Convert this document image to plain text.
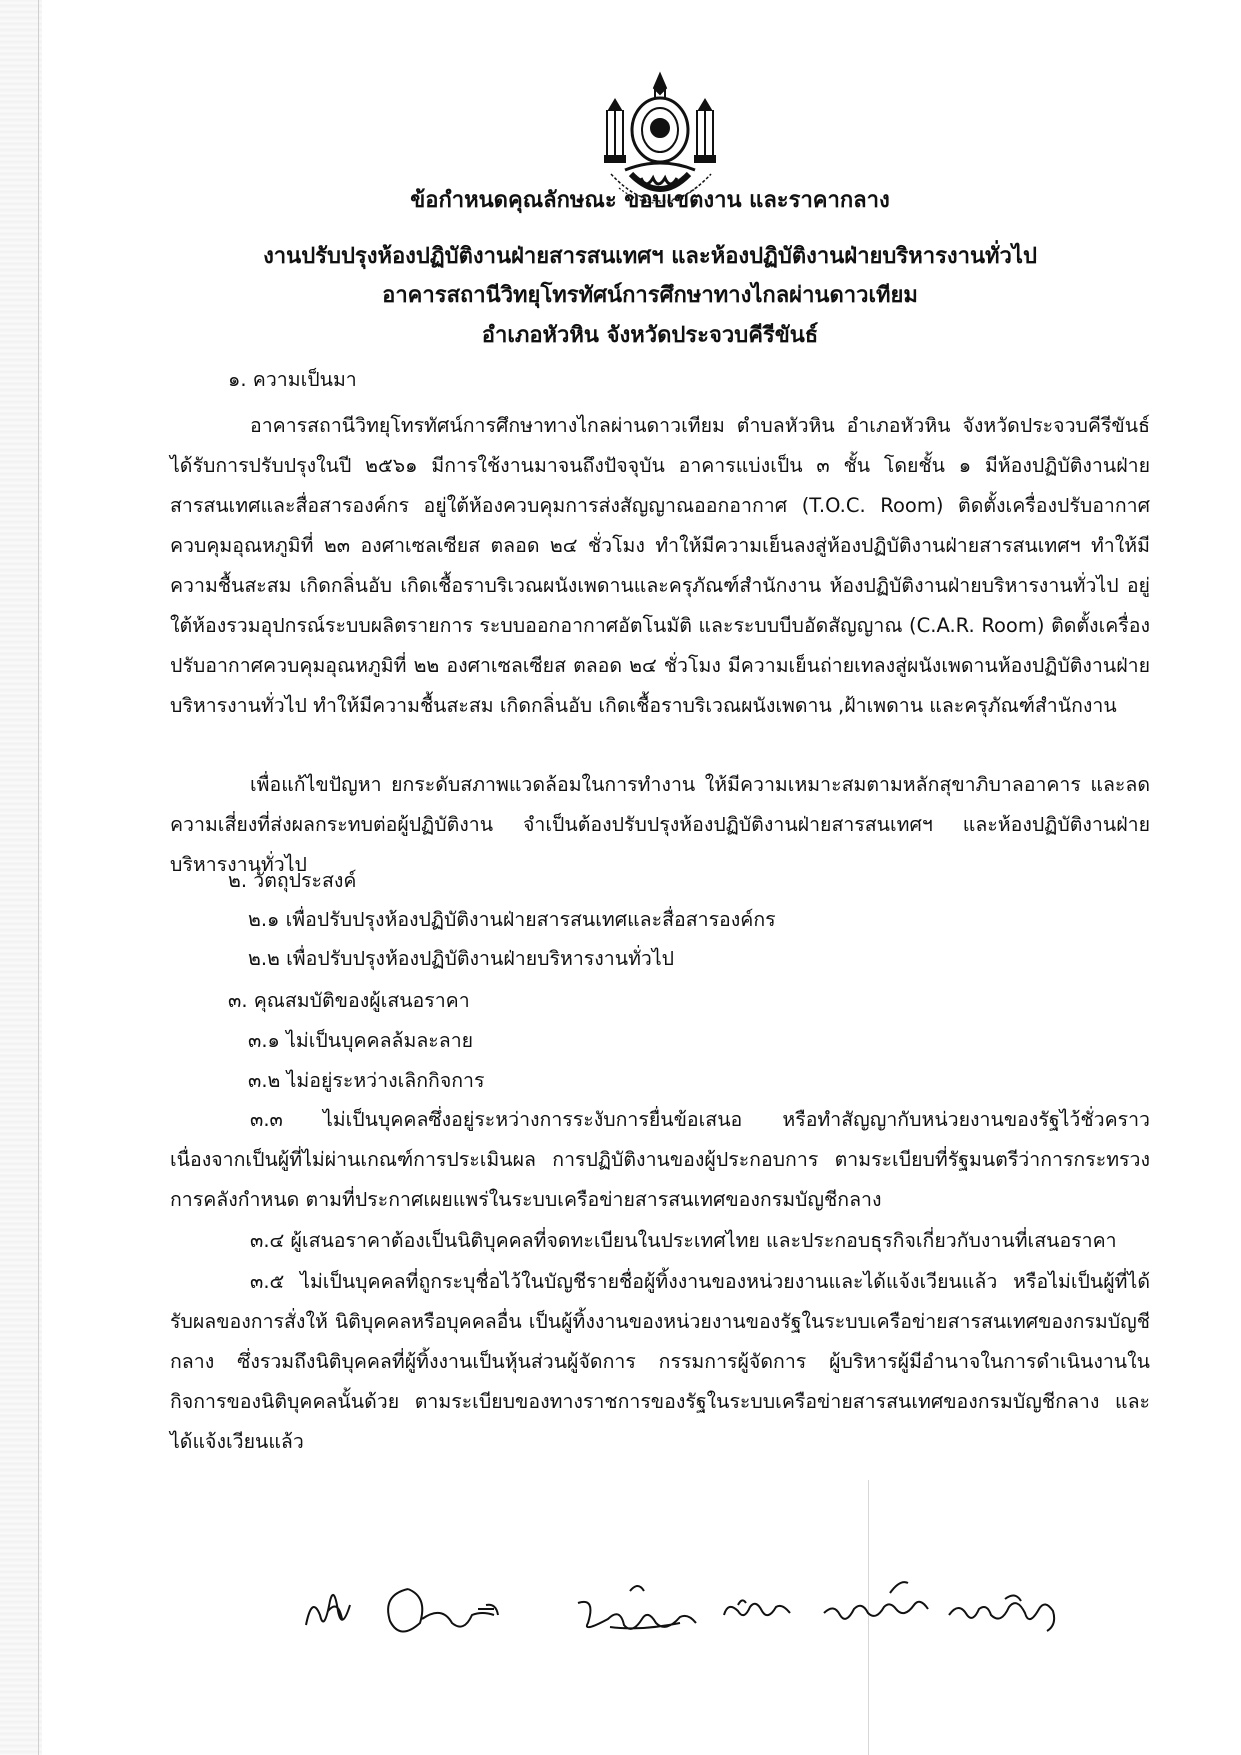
ข้อกำหนดคุณลักษณะ ขอบเขตงาน และราคากลาง
งานปรับปรุงห้องปฏิบัติงานฝ่ายสารสนเทศฯ และห้องปฏิบัติงานฝ่ายบริหารงานทั่วไป
อาคารสถานีวิทยุโทรทัศน์การศึกษาทางไกลผ่านดาวเทียม
อำเภอหัวหิน จังหวัดประจวบคีรีขันธ์
๑. ความเป็นมา
อาคารสถานีวิทยุโทรทัศน์การศึกษาทางไกลผ่านดาวเทียม ตำบลหัวหิน อำเภอหัวหิน จังหวัดประจวบคีรีขันธ์ ได้รับการปรับปรุงในปี ๒๕๖๑ มีการใช้งานมาจนถึงปัจจุบัน อาคารแบ่งเป็น ๓ ชั้น โดยชั้น ๑ มีห้องปฏิบัติงานฝ่ายสารสนเทศและสื่อสารองค์กร อยู่ใต้ห้องควบคุมการส่งสัญญาณออกอากาศ (T.O.C. Room) ติดตั้งเครื่องปรับอากาศควบคุมอุณหภูมิที่ ๒๓ องศาเซลเซียส ตลอด ๒๔ ชั่วโมง ทำให้มีความเย็นลงสู่ห้องปฏิบัติงานฝ่ายสารสนเทศฯ ทำให้มีความชื้นสะสม เกิดกลิ่นอับ เกิดเชื้อราบริเวณผนังเพดานและครุภัณฑ์สำนักงาน ห้องปฏิบัติงานฝ่ายบริหารงานทั่วไป อยู่ใต้ห้องรวมอุปกรณ์ระบบผลิตรายการ ระบบออกอากาศอัตโนมัติ และระบบบีบอัดสัญญาณ (C.A.R. Room) ติดตั้งเครื่องปรับอากาศควบคุมอุณหภูมิที่ ๒๒ องศาเซลเซียส ตลอด ๒๔ ชั่วโมง มีความเย็นถ่ายเทลงสู่ผนังเพดานห้องปฏิบัติงานฝ่ายบริหารงานทั่วไป ทำให้มีความชื้นสะสม เกิดกลิ่นอับ เกิดเชื้อราบริเวณผนังเพดาน ,ฝ้าเพดาน และครุภัณฑ์สำนักงาน
เพื่อแก้ไขปัญหา ยกระดับสภาพแวดล้อมในการทำงาน ให้มีความเหมาะสมตามหลักสุขาภิบาลอาคาร และลดความเสี่ยงที่ส่งผลกระทบต่อผู้ปฏิบัติงาน จำเป็นต้องปรับปรุงห้องปฏิบัติงานฝ่ายสารสนเทศฯ และห้องปฏิบัติงานฝ่ายบริหารงานทั่วไป
๒. วัตถุประสงค์
๒.๑ เพื่อปรับปรุงห้องปฏิบัติงานฝ่ายสารสนเทศและสื่อสารองค์กร
๒.๒ เพื่อปรับปรุงห้องปฏิบัติงานฝ่ายบริหารงานทั่วไป
๓. คุณสมบัติของผู้เสนอราคา
๓.๑ ไม่เป็นบุคคลล้มละลาย
๓.๒ ไม่อยู่ระหว่างเลิกกิจการ
๓.๓ ไม่เป็นบุคคลซึ่งอยู่ระหว่างการระงับการยื่นข้อเสนอ หรือทำสัญญากับหน่วยงานของรัฐไว้ชั่วคราว เนื่องจากเป็นผู้ที่ไม่ผ่านเกณฑ์การประเมินผล การปฏิบัติงานของผู้ประกอบการ ตามระเบียบที่รัฐมนตรีว่าการกระทรวงการคลังกำหนด ตามที่ประกาศเผยแพร่ในระบบเครือข่ายสารสนเทศของกรมบัญชีกลาง
๓.๔ ผู้เสนอราคาต้องเป็นนิติบุคคลที่จดทะเบียนในประเทศไทย และประกอบธุรกิจเกี่ยวกับงานที่เสนอราคา
๓.๕ ไม่เป็นบุคคลที่ถูกระบุชื่อไว้ในบัญชีรายชื่อผู้ทิ้งงานของหน่วยงานและได้แจ้งเวียนแล้ว หรือไม่เป็นผู้ที่ได้รับผลของการสั่งให้ นิติบุคคลหรือบุคคลอื่น เป็นผู้ทิ้งงานของหน่วยงานของรัฐในระบบเครือข่ายสารสนเทศของกรมบัญชีกลาง ซึ่งรวมถึงนิติบุคคลที่ผู้ทิ้งงานเป็นหุ้นส่วนผู้จัดการ กรรมการผู้จัดการ ผู้บริหารผู้มีอำนาจในการดำเนินงานในกิจการของนิติบุคคลนั้นด้วย ตามระเบียบของทางราชการของรัฐในระบบเครือข่ายสารสนเทศของกรมบัญชีกลาง และได้แจ้งเวียนแล้ว
